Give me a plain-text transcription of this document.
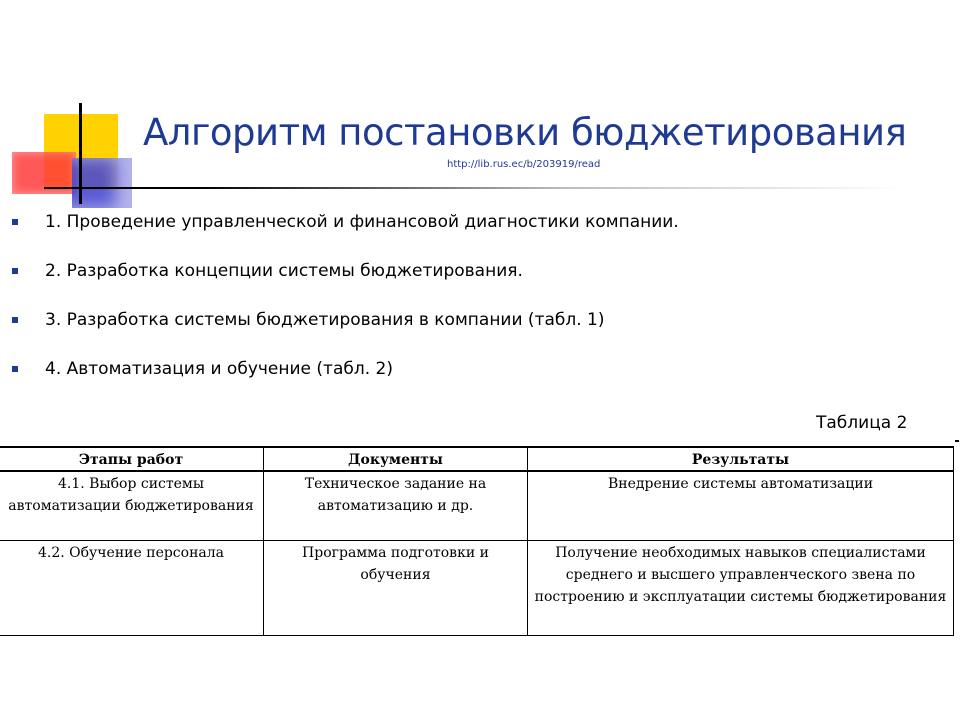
Алгоритм постановки бюджетирования
http://lib.rus.ec/b/203919/read
1. Проведение управленческой и финансовой диагностики компании.
2. Разработка концепции системы бюджетирования.
3. Разработка системы бюджетирования в компании (табл. 1)
4. Автоматизация и обучение (табл. 2)
Таблица 2
Этапы работ	Документы	Результаты
4.1. Выбор системы автоматизации бюджетирования	Техническое задание на автоматизацию и др.	Внедрение системы автоматизации
4.2. Обучение персонала	Программа подготовки и обучения	Получение необходимых навыков специалистами среднего и высшего управленческого звена по построению и эксплуатации системы бюджетирования
